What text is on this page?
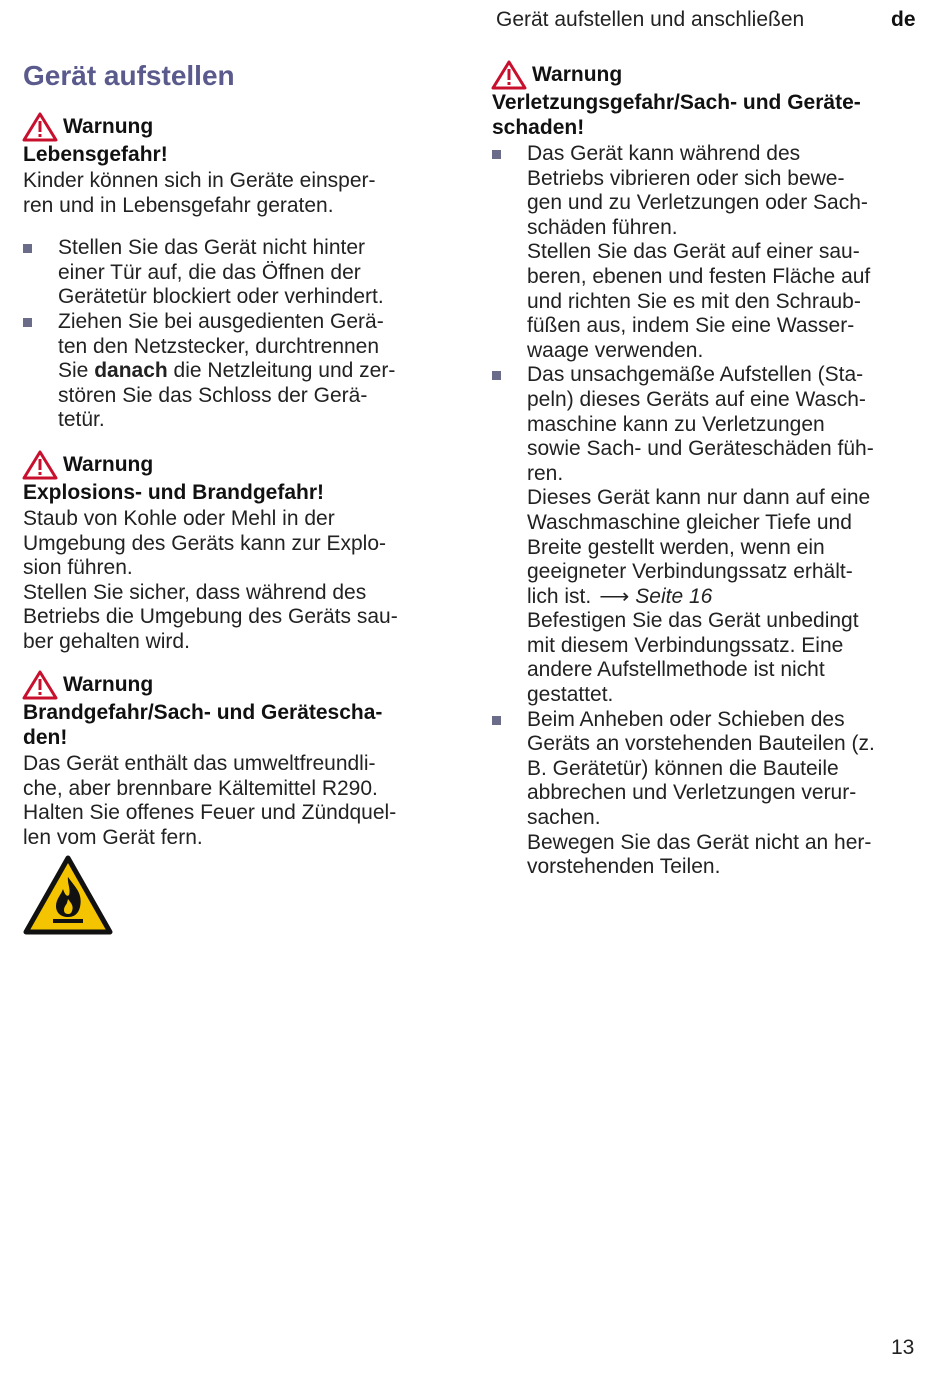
Gerät aufstellen und anschließen	de
Gerät aufstellen
Warnung
Lebensgefahr!
Kinder können sich in Geräte einsper-
ren und in Lebensgefahr geraten.
Stellen Sie das Gerät nicht hinter
einer Tür auf, die das Öffnen der
Gerätetür blockiert oder verhindert.
Ziehen Sie bei ausgedienten Gerä-
ten den Netzstecker, durchtrennen
Sie danach die Netzleitung und zer-
stören Sie das Schloss der Gerä-
tetür.
Warnung
Explosions- und Brandgefahr!
Staub von Kohle oder Mehl in der
Umgebung des Geräts kann zur Explo-
sion führen.
Stellen Sie sicher, dass während des
Betriebs die Umgebung des Geräts sau-
ber gehalten wird.
Warnung
Brandgefahr/Sach- und Gerätescha-
den!
Das Gerät enthält das umweltfreundli-
che, aber brennbare Kältemittel R290.
Halten Sie offenes Feuer und Zündquel-
len vom Gerät fern.
Warnung
Verletzungsgefahr/Sach- und Geräte-
schaden!
Das Gerät kann während des
Betriebs vibrieren oder sich bewe-
gen und zu Verletzungen oder Sach-
schäden führen.
Stellen Sie das Gerät auf einer sau-
beren, ebenen und festen Fläche auf
und richten Sie es mit den Schraub-
füßen aus, indem Sie eine Wasser-
waage verwenden.
Das unsachgemäße Aufstellen (Sta-
peln) dieses Geräts auf eine Wasch-
maschine kann zu Verletzungen
sowie Sach- und Geräteschäden füh-
ren.
Dieses Gerät kann nur dann auf eine
Waschmaschine gleicher Tiefe und
Breite gestellt werden, wenn ein
geeigneter Verbindungssatz erhält-
lich ist. ⟶ Seite 16
Befestigen Sie das Gerät unbedingt
mit diesem Verbindungssatz. Eine
andere Aufstellmethode ist nicht
gestattet.
Beim Anheben oder Schieben des
Geräts an vorstehenden Bauteilen (z.
B. Gerätetür) können die Bauteile
abbrechen und Verletzungen verur-
sachen.
Bewegen Sie das Gerät nicht an her-
vorstehenden Teilen.
13
